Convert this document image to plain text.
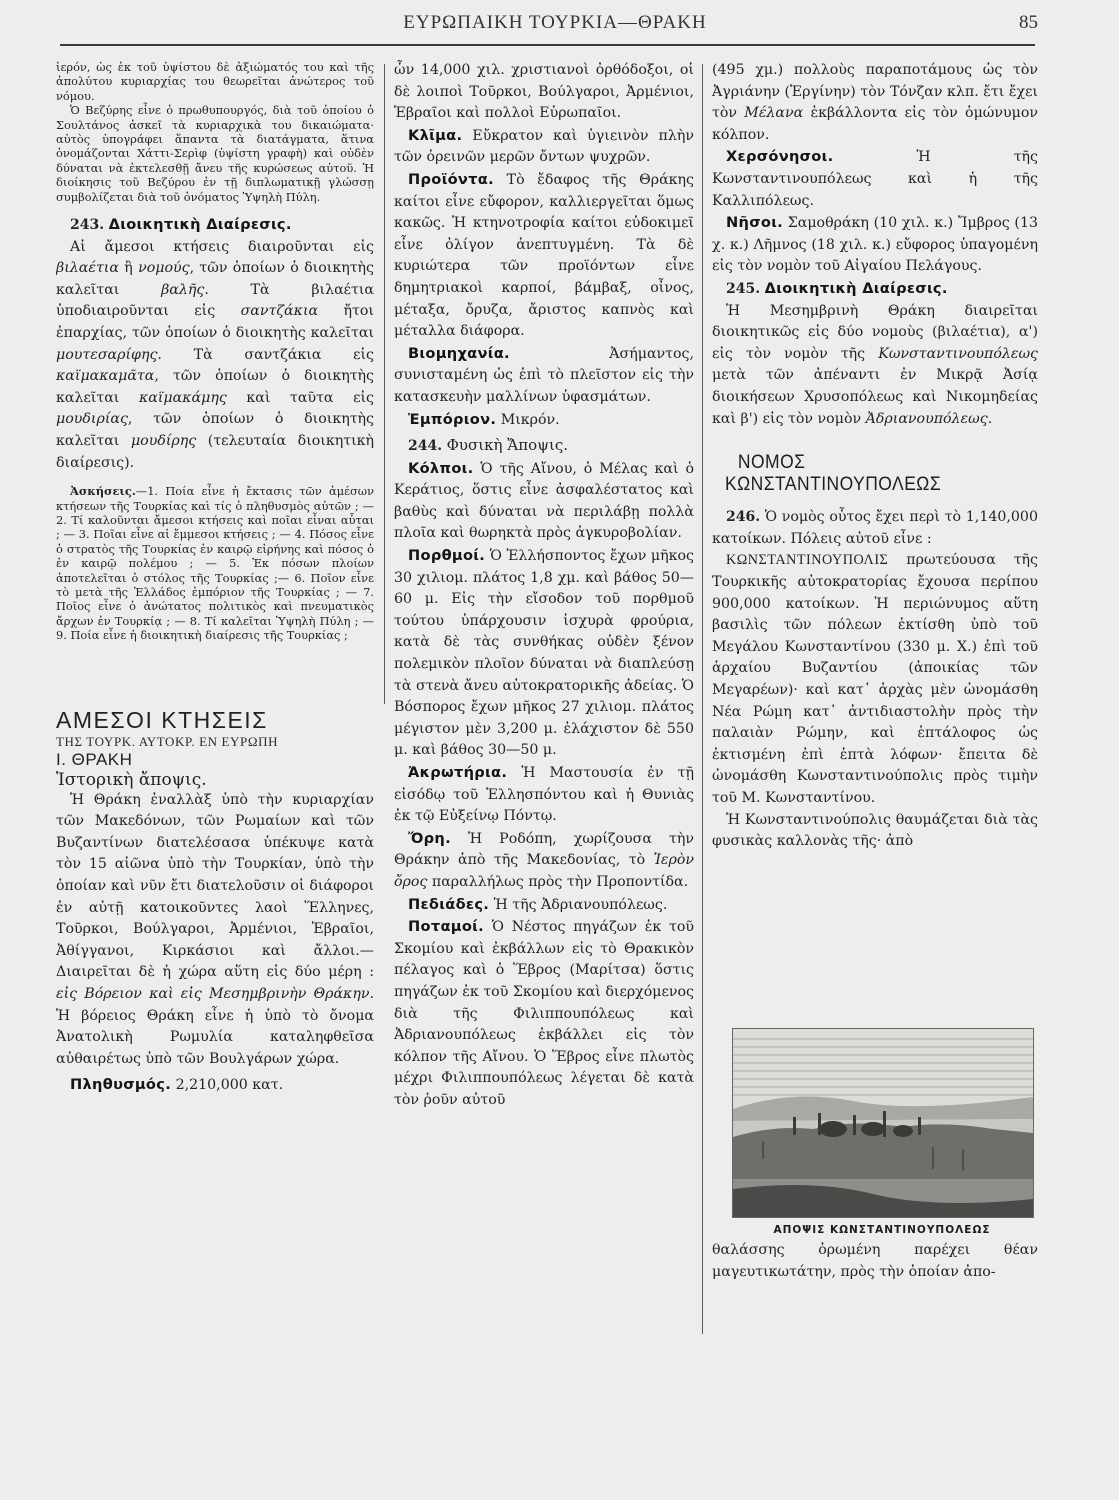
ΕΥΡΩΠΑΙΚΗ ΤΟΥΡΚΙΑ—ΘΡΑΚΗ	85

ἱερόν, ὡς ἐκ τοῦ ὑψίστου δὲ ἀξιώματός του καὶ τῆς ἀπολύτου κυριαρχίας του θεωρεῖται ἀνώτερος τοῦ νόμου.

Ὁ Βεζύρης εἶνε ὁ πρωθυπουργός, διὰ τοῦ ὁποίου ὁ Σουλτάνος ἀσκεῖ τὰ κυριαρχικὰ του δικαιώματα· αὐτὸς ὑπογράφει ἅπαντα τὰ διατάγματα, ἅτινα ὀνομάζονται Χάττι-Σερὶφ (ὑψίστη γραφὴ) καὶ οὐδὲν δύναται νὰ ἐκτελεσθῇ ἄνευ τῆς κυρώσεως αὐτοῦ. Ἡ διοίκησις τοῦ Βεζύρου ἐν τῇ διπλωματικῇ γλώσσῃ συμβολίζεται διὰ τοῦ ὀνόματος Ὑψηλὴ Πύλη.

243. Διοικητικὴ Διαίρεσις.

Αἱ ἄμεσοι κτήσεις διαιροῦνται εἰς βιλαέτια ἢ νομούς, τῶν ὁποίων ὁ διοικητὴς καλεῖται βαλῆς. Τὰ βιλαέτια ὑποδιαιροῦνται εἰς σαντζάκια ἤτοι ἐπαρχίας, τῶν ὁποίων ὁ διοικητὴς καλεῖται μουτεσαρίφης. Τὰ σαντζάκια εἰς καϊμακαμᾶτα, τῶν ὁποίων ὁ διοικητὴς καλεῖται καϊμακάμης καὶ ταῦτα εἰς μουδιρίας, τῶν ὁποίων ὁ διοικητὴς καλεῖται μουδίρης (τελευταία διοικητικὴ διαίρεσις).

Ἀσκήσεις.—1. Ποία εἶνε ἡ ἔκτασις τῶν ἀμέσων κτήσεων τῆς Τουρκίας καὶ τίς ὁ πληθυσμὸς αὐτῶν ; — 2. Τί καλοῦνται ἄμεσοι κτήσεις καὶ ποῖαι εἶναι αὗται ; — 3. Ποῖαι εἶνε αἱ ἔμμεσοι κτήσεις ; — 4. Πόσος εἶνε ὁ στρατὸς τῆς Τουρκίας ἐν καιρῷ εἰρήνης καὶ πόσος ὁ ἐν καιρῷ πολέμου ; — 5. Ἐκ πόσων πλοίων ἀποτελεῖται ὁ στόλος τῆς Τουρκίας ;— 6. Ποῖον εἶνε τὸ μετὰ τῆς Ἑλλάδος ἐμπόριον τῆς Τουρκίας ; — 7. Ποῖος εἶνε ὁ ἀνώτατος πολιτικὸς καὶ πνευματικὸς ἄρχων ἐν Τουρκίᾳ ; — 8. Τί καλεῖται Ὑψηλὴ Πύλη ; — 9. Ποία εἶνε ἡ διοικητικὴ διαίρεσις τῆς Τουρκίας ;

ΑΜΕΣΟΙ ΚΤΗΣΕΙΣ

ΤΗΣ ΤΟΥΡΚ. ΑΥΤΟΚΡ. ΕΝ ΕΥΡΩΠΗ

Ι. ΘΡΑΚΗ

Ἱστορικὴ ἄποψις.

Ἡ Θράκη ἐναλλὰξ ὑπὸ τὴν κυριαρχίαν τῶν Μακεδόνων, τῶν Ρωμαίων καὶ τῶν Βυζαντίνων διατελέσασα ὑπέκυψε κατὰ τὸν 15 αἰῶνα ὑπὸ τὴν Τουρκίαν, ὑπὸ τὴν ὁποίαν καὶ νῦν ἔτι διατελοῦσιν οἱ διάφοροι ἐν αὐτῇ κατοικοῦντες λαοὶ Ἕλληνες, Τοῦρκοι, Βούλγαροι, Ἀρμένιοι, Ἑβραῖοι, Ἀθίγγανοι, Κιρκάσιοι καὶ ἄλλοι.— Διαιρεῖται δὲ ἡ χώρα αὕτη εἰς δύο μέρη : εἰς Βόρειον καὶ εἰς Μεσημβρινὴν Θράκην. Ἡ βόρειος Θράκη εἶνε ἡ ὑπὸ τὸ ὄνομα Ἀνατολικὴ Ρωμυλία καταληφθεῖσα αὐθαιρέτως ὑπὸ τῶν Βουλγάρων χώρα.

Πληθυσμός. 2,210,000 κατ.

ὧν 14,000 χιλ. χριστιανοὶ ὀρθόδοξοι, οἱ δὲ λοιποὶ Τοῦρκοι, Βούλγαροι, Ἀρμένιοι, Ἑβραῖοι καὶ πολλοὶ Εὐρωπαῖοι.

Κλῖμα. Εὔκρατον καὶ ὑγιεινὸν πλὴν τῶν ὀρεινῶν μερῶν ὄντων ψυχρῶν.

Προϊόντα. Τὸ ἔδαφος τῆς Θράκης καίτοι εἶνε εὔφορον, καλλιεργεῖται ὅμως κακῶς. Ἡ κτηνοτροφία καίτοι εὐδοκιμεῖ εἶνε ὀλίγον ἀνεπτυγμένη. Τὰ δὲ κυριώτερα τῶν προϊόντων εἶνε δημητριακοὶ καρποί, βάμβαξ, οἶνος, μέταξα, ὄρυζα, ἄριστος καπνὸς καὶ μέταλλα διάφορα.

Βιομηχανία.	Ἀσήμαντος, συνισταμένη ὡς ἐπὶ τὸ πλεῖστον εἰς τὴν κατασκευὴν μαλλίνων ὑφασμάτων.

Ἐμπόριον. Μικρόν.

244. Φυσικὴ Ἄποψις.

Κόλποι. Ὁ τῆς Αἴνου, ὁ Μέλας καὶ ὁ Κεράτιος, ὅστις εἶνε ἀσφαλέστατος καὶ βαθὺς καὶ δύναται νὰ περιλάβῃ πολλὰ πλοῖα καὶ θωρηκτὰ πρὸς ἀγκυροβολίαν.

Πορθμοί. Ὁ Ἑλλήσποντος ἔχων μῆκος 30 χιλιομ. πλάτος 1,8 χμ. καὶ βάθος 50—60 μ. Εἰς τὴν εἴσοδον τοῦ πορθμοῦ τούτου ὑπάρχουσιν ἰσχυρὰ φρούρια, κατὰ δὲ τὰς συνθήκας οὐδὲν ξένον πολεμικὸν πλοῖον δύναται νὰ διαπλεύσῃ τὰ στενὰ ἄνευ αὐτοκρατορικῆς ἀδείας. Ὁ Βόσπορος ἔχων μῆκος 27 χιλιομ. πλάτος μέγιστον μὲν 3,200 μ. ἐλάχιστον δὲ 550 μ. καὶ βάθος 30—50 μ.

Ἀκρωτήρια. Ἡ Μαστουσία ἐν τῇ εἰσόδῳ τοῦ Ἑλλησπόντου καὶ ἡ Θυνιὰς ἐκ τῷ Εὐξείνῳ Πόντῳ.

Ὄρη. Ἡ Ροδόπη, χωρίζουσα τὴν Θράκην ἀπὸ τῆς Μακεδονίας, τὸ Ἱερὸν ὄρος παραλλήλως πρὸς τὴν Προποντίδα.

Πεδιάδες. Ἡ τῆς Ἀδριανουπόλεως.

Ποταμοί. Ὁ Νέστος πηγάζων ἐκ τοῦ Σκομίου καὶ ἐκβάλλων εἰς τὸ Θρακικὸν πέλαγος καὶ ὁ Ἕβρος (Μαρίτσα) ὅστις πηγάζων ἐκ τοῦ Σκομίου καὶ διερχόμενος διὰ τῆς Φιλιππουπόλεως καὶ Ἀδριανουπόλεως ἐκβάλλει εἰς τὸν κόλπον τῆς Αἴνου. Ὁ Ἕβρος εἶνε πλωτὸς μέχρι Φιλιππουπόλεως λέγεται δὲ κατὰ τὸν ῥοῦν αὐτοῦ

(495 χμ.) πολλοὺς παραποτάμους ὡς τὸν Ἀγριάνην (Ἐργίνην) τὸν Τόνζαν κλπ. ἔτι ἔχει τὸν Μέλανα ἐκβάλλοντα εἰς τὸν ὁμώνυμον κόλπον.

Χερσόνησοι.	Ἡ τῆς Κωνσταντινουπόλεως καὶ ἡ τῆς Καλλιπόλεως.

Νῆσοι. Σαμοθράκη (10 χιλ. κ.) Ἴμβρος (13 χ. κ.) Λῆμνος (18 χιλ. κ.) εὔφορος ὑπαγομένη εἰς τὸν νομὸν τοῦ Αἰγαίου Πελάγους.

245. Διοικητικὴ Διαίρεσις.

Ἡ Μεσημβρινὴ Θράκη διαιρεῖται διοικητικῶς εἰς δύο νομοὺς (βιλαέτια), α') εἰς τὸν νομὸν τῆς Κωνσταντινουπόλεως μετὰ τῶν ἀπέναντι ἐν Μικρᾷ Ἀσίᾳ διοικήσεων Χρυσοπόλεως καὶ Νικομηδείας καὶ β') εἰς τὸν νομὸν Ἀδριανουπόλεως.

ΝΟΜΟΣ ΚΩΝΣΤΑΝΤΙΝΟΥΠΟΛΕΩΣ

246. Ὁ νομὸς οὗτος ἔχει περὶ τὸ 1,140,000 κατοίκων. Πόλεις αὐτοῦ εἶνε :

ΚΩΝΣΤΑΝΤΙΝΟΥΠΟΛΙΣ πρωτεύουσα τῆς Τουρκικῆς αὐτοκρατορίας ἔχουσα περίπου 900,000 κατοίκων. Ἡ περιώνυμος αὕτη βασιλὶς τῶν πόλεων ἐκτίσθη ὑπὸ τοῦ Μεγάλου Κωνσταντίνου (330 μ. Χ.) ἐπὶ τοῦ ἀρχαίου Βυζαντίου (ἀποικίας τῶν Μεγαρέων)· καὶ κατ᾽ ἀρχὰς μὲν ὠνομάσθη Νέα Ρώμη κατ᾽ ἀντιδιαστολὴν πρὸς τὴν παλαιὰν Ρώμην, καὶ ἑπτάλοφος ὡς ἐκτισμένη ἐπὶ ἑπτὰ λόφων· ἔπειτα δὲ ὠνομάσθη Κωνσταντινούπολις πρὸς τιμὴν τοῦ Μ. Κωνσταντίνου.

Ἡ Κωνσταντινούπολις θαυμάζεται διὰ τὰς φυσικὰς καλλονὰς τῆς· ἀπὸ

ΑΠΟΨΙΣ ΚΩΝΣΤΑΝΤΙΝΟΥΠΟΛΕΩΣ

θαλάσσης ὁρωμένη παρέχει θέαν μαγευτικωτάτην, πρὸς τὴν ὁποίαν ἀπο-
